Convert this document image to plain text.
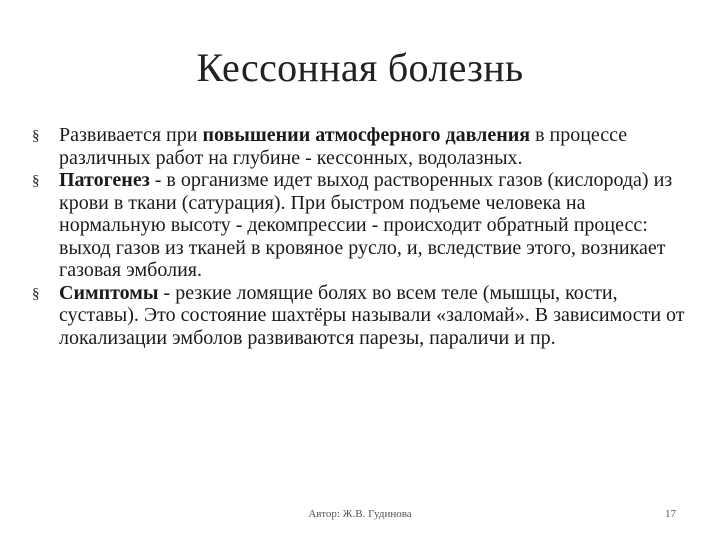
Кессонная болезнь
§ Развивается при повышении атмосферного давления в процессе различных работ на глубине - кессонных, водолазных.
§ Патогенез - в организме идет выход растворенных газов (кислорода) из крови в ткани (сатурация). При быстром подъеме человека на нормальную высоту - декомпрессии - происходит обратный процесс: выход газов из тканей в кровяное русло, и, вследствие этого, возникает газовая эмболия.
§ Симптомы - резкие ломящие болях во всем теле (мышцы, кости, суставы). Это состояние шахтёры называли «заломай». В зависимости от локализации эмболов развиваются парезы, параличи и пр.
Автор: Ж.В. Гудинова	17
